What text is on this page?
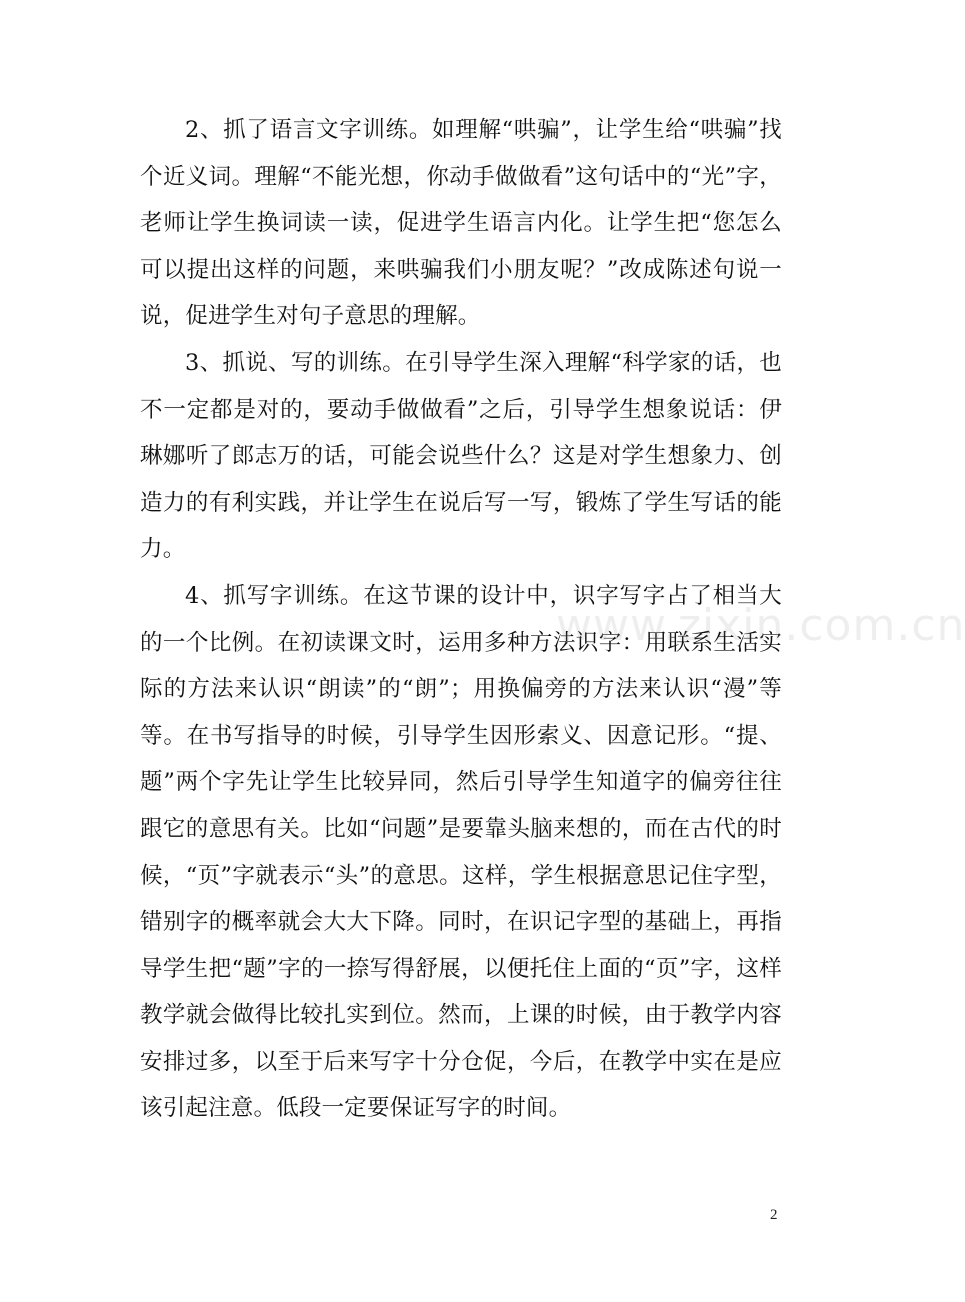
2、抓了语言文字训练。如理解“哄骗”，让学生给“哄骗”找个近义词。理解“不能光想，你动手做做看”这句话中的“光”字，老师让学生换词读一读，促进学生语言内化。让学生把“您怎么可以提出这样的问题，来哄骗我们小朋友呢？”改成陈述句说一说，促进学生对句子意思的理解。

3、抓说、写的训练。在引导学生深入理解“科学家的话，也不一定都是对的，要动手做做看”之后，引导学生想象说话：伊琳娜听了郎志万的话，可能会说些什么？这是对学生想象力、创造力的有利实践，并让学生在说后写一写，锻炼了学生写话的能力。

4、抓写字训练。在这节课的设计中，识字写字占了相当大的一个比例。在初读课文时，运用多种方法识字：用联系生活实际的方法来认识“朗读”的“朗”；用换偏旁的方法来认识“漫”等等。在书写指导的时候，引导学生因形索义、因意记形。“提、题”两个字先让学生比较异同，然后引导学生知道字的偏旁往往跟它的意思有关。比如“问题”是要靠头脑来想的，而在古代的时候，“页”字就表示“头”的意思。这样，学生根据意思记住字型，错别字的概率就会大大下降。同时，在识记字型的基础上，再指导学生把“题”字的一捺写得舒展，以便托住上面的“页”字，这样教学就会做得比较扎实到位。然而，上课的时候，由于教学内容安排过多，以至于后来写字十分仓促，今后，在教学中实在是应该引起注意。低段一定要保证写字的时间。

www.zixin.com.cn
2
